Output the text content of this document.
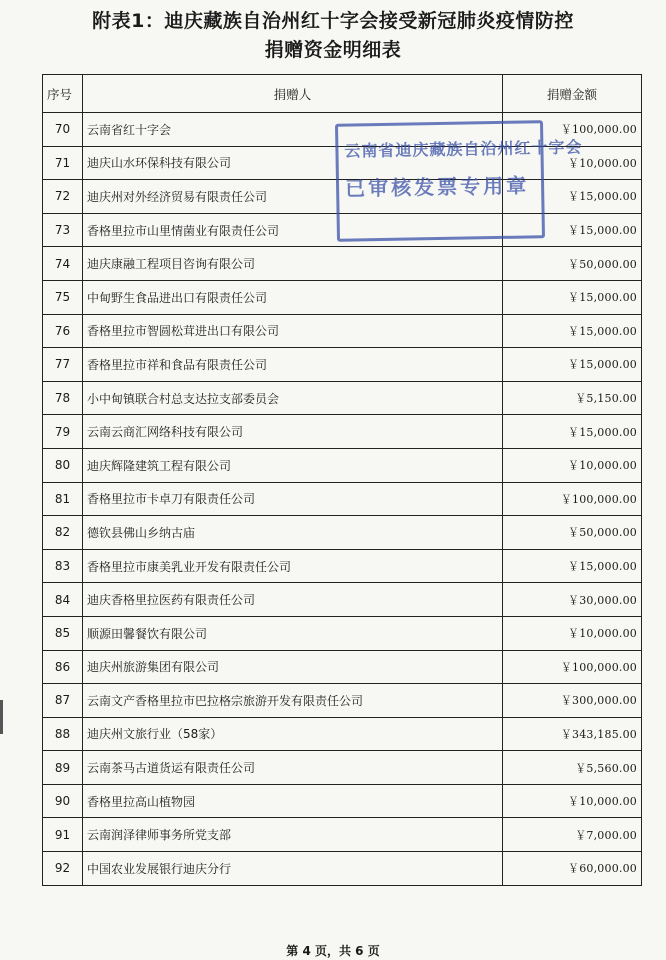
附表1：迪庆藏族自治州红十字会接受新冠肺炎疫情防控
捐赠资金明细表
序号	捐赠人	捐赠金额
70	云南省红十字会	￥100,000.00
71	迪庆山水环保科技有限公司	￥10,000.00
72	迪庆州对外经济贸易有限责任公司	￥15,000.00
73	香格里拉市山里情菌业有限责任公司	￥15,000.00
74	迪庆康融工程项目咨询有限公司	￥50,000.00
75	中甸野生食品进出口有限责任公司	￥15,000.00
76	香格里拉市智圆松茸进出口有限公司	￥15,000.00
77	香格里拉市祥和食品有限责任公司	￥15,000.00
78	小中甸镇联合村总支达拉支部委员会	￥5,150.00
79	云南云商汇网络科技有限公司	￥15,000.00
80	迪庆辉隆建筑工程有限公司	￥10,000.00
81	香格里拉市卡卓刀有限责任公司	￥100,000.00
82	德钦县佛山乡纳古庙	￥50,000.00
83	香格里拉市康美乳业开发有限责任公司	￥15,000.00
84	迪庆香格里拉医药有限责任公司	￥30,000.00
85	顺源田馨餐饮有限公司	￥10,000.00
86	迪庆州旅游集团有限公司	￥100,000.00
87	云南文产香格里拉市巴拉格宗旅游开发有限责任公司	￥300,000.00
88	迪庆州文旅行业（58家）	￥343,185.00
89	云南茶马古道货运有限责任公司	￥5,560.00
90	香格里拉高山植物园	￥10,000.00
91	云南润泽律师事务所党支部	￥7,000.00
92	中国农业发展银行迪庆分行	￥60,000.00
云南省迪庆藏族自治州红十字会
已审核发票专用章
第 4 页，共 6 页
